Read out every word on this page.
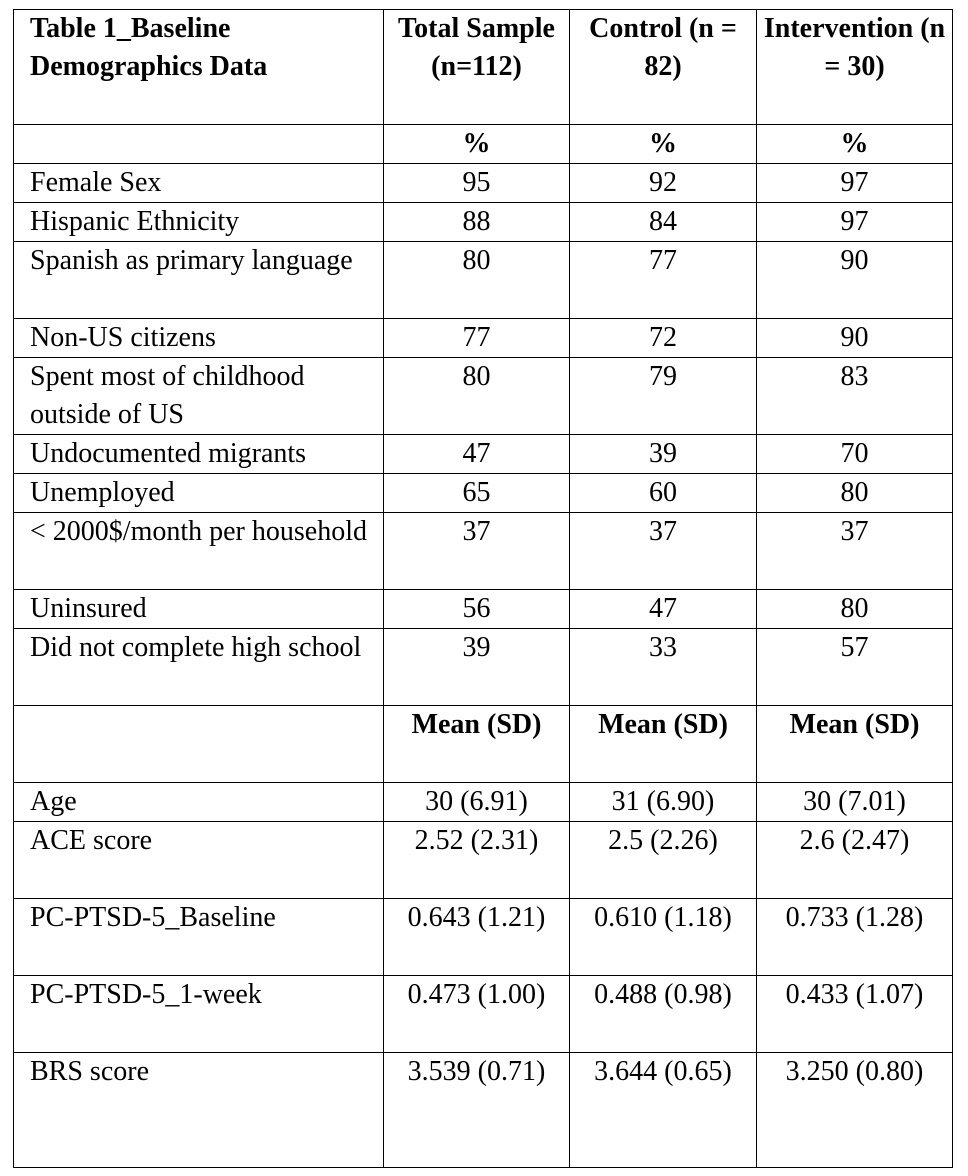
Table 1_Baseline Demographics Data	Total Sample (n=112)	Control (n = 82)	Intervention (n = 30)
	%	%	%
Female Sex	95	92	97
Hispanic Ethnicity	88	84	97
Spanish as primary language	80	77	90
Non-US citizens	77	72	90
Spent most of childhood outside of US	80	79	83
Undocumented migrants	47	39	70
Unemployed	65	60	80
< 2000$/month per household	37	37	37
Uninsured	56	47	80
Did not complete high school	39	33	57
	Mean (SD)	Mean (SD)	Mean (SD)
Age	30 (6.91)	31 (6.90)	30 (7.01)
ACE score	2.52 (2.31)	2.5 (2.26)	2.6 (2.47)
PC-PTSD-5_Baseline	0.643 (1.21)	0.610 (1.18)	0.733 (1.28)
PC-PTSD-5_1-week	0.473 (1.00)	0.488 (0.98)	0.433 (1.07)
BRS score	3.539 (0.71)	3.644 (0.65)	3.250 (0.80)
